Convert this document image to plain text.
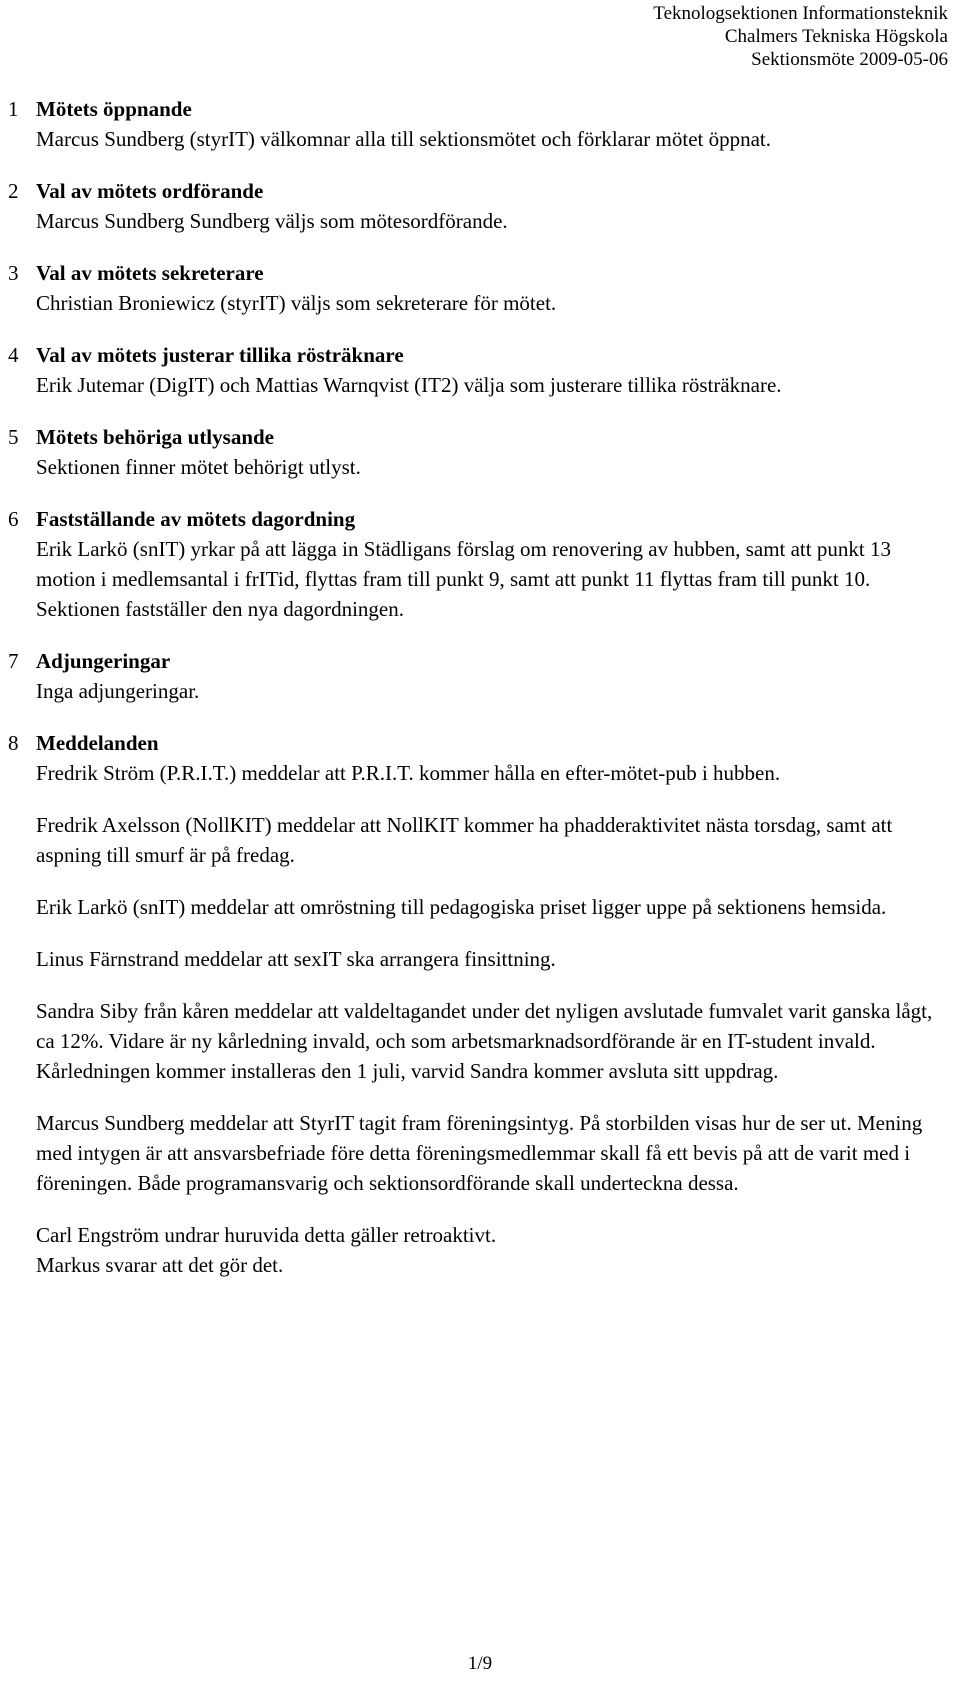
Teknologsektionen Informationsteknik
Chalmers Tekniska Högskola
Sektionsmöte 2009-05-06
1 Mötets öppnande

Marcus Sundberg (styrIT) välkomnar alla till sektionsmötet och förklarar mötet öppnat.

2 Val av mötets ordförande

Marcus Sundberg Sundberg väljs som mötesordförande.

3 Val av mötets sekreterare

Christian Broniewicz (styrIT) väljs som sekreterare för mötet.

4 Val av mötets justerar tillika rösträknare

Erik Jutemar (DigIT) och Mattias Warnqvist (IT2) välja som justerare tillika rösträknare.

5 Mötets behöriga utlysande

Sektionen finner mötet behörigt utlyst.

6 Fastställande av mötets dagordning

Erik Larkö (snIT) yrkar på att lägga in Städligans förslag om renovering av hubben, samt att punkt 13 motion i medlemsantal i frITid, flyttas fram till punkt 9, samt att punkt 11 flyttas fram till punkt 10. Sektionen fastställer den nya dagordningen.

7 Adjungeringar

Inga adjungeringar.

8 Meddelanden

Fredrik Ström (P.R.I.T.) meddelar att P.R.I.T. kommer hålla en efter-mötet-pub i hubben.

Fredrik Axelsson (NollKIT) meddelar att NollKIT kommer ha phadderaktivitet nästa torsdag, samt att aspning till smurf är på fredag.

Erik Larkö (snIT) meddelar att omröstning till pedagogiska priset ligger uppe på sektionens hemsida.

Linus Färnstrand meddelar att sexIT ska arrangera finsittning.

Sandra Siby från kåren meddelar att valdeltagandet under det nyligen avslutade fumvalet varit ganska lågt, ca 12%. Vidare är ny kårledning invald, och som arbetsmarknadsordförande är en IT-student invald. Kårledningen kommer installeras den 1 juli, varvid Sandra kommer avsluta sitt uppdrag.

Marcus Sundberg meddelar att StyrIT tagit fram föreningsintyg. På storbilden visas hur de ser ut. Mening med intygen är att ansvarsbefriade före detta föreningsmedlemmar skall få ett bevis på att de varit med i föreningen. Både programansvarig och sektionsordförande skall underteckna dessa.

Carl Engström undrar huruvida detta gäller retroaktivt.

Markus svarar att det gör det.

1/9
